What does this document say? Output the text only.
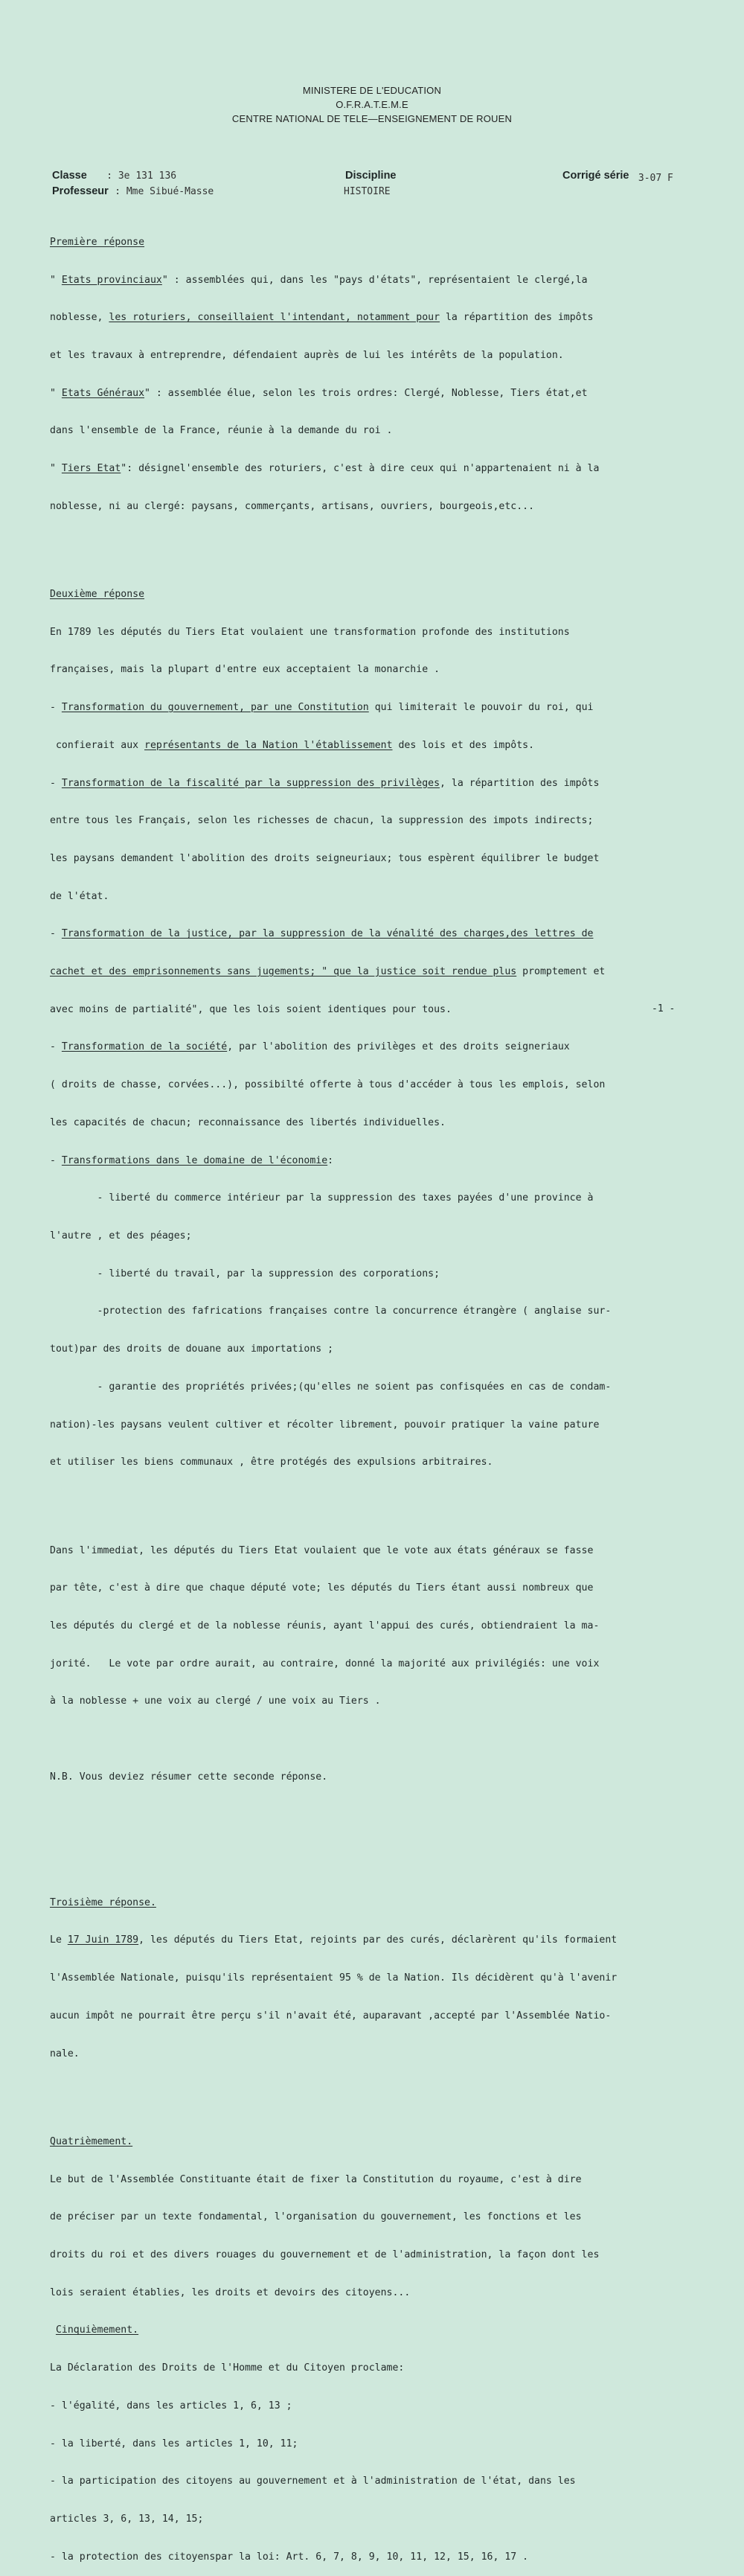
MINISTERE DE L'EDUCATION
O.F.R.A.T.E.M.E
CENTRE NATIONAL DE TELE—ENSEIGNEMENT DE ROUEN
Classe : 3e 131 136
Professeur : Mme Sibué-Masse
Discipline
HISTOIRE
Corrigé série 3-07 F

Première réponse

" Etats provinciaux" : assemblées qui, dans les "pays d'états", représentaient le clergé,la

noblesse, les roturiers, conseillaient l'intendant, notamment pour la répartition des impôts

et les travaux à entreprendre, défendaient auprès de lui les intérêts de la population.

" Etats Généraux" : assemblée élue, selon les trois ordres: Clergé, Noblesse, Tiers état,et

dans l'ensemble de la France, réunie à la demande du roi .

" Tiers Etat": désignel'ensemble des roturiers, c'est à dire ceux qui n'appartenaient ni à la

noblesse, ni au clergé: paysans, commerçants, artisans, ouvriers, bourgeois,etc...

Deuxième réponse

En 1789 les députés du Tiers Etat voulaient une transformation profonde des institutions

françaises, mais la plupart d'entre eux acceptaient la monarchie .

- Transformation du gouvernement, par une Constitution qui limiterait le pouvoir du roi, qui

confierait aux représentants de la Nation l'établissement des lois et des impôts.

- Transformation de la fiscalité par la suppression des privilèges, la répartition des impôts

entre tous les Français, selon les richesses de chacun, la suppression des impots indirects;

les paysans demandent l'abolition des droits seigneuriaux; tous espèrent équilibrer le budget

de l'état.

- Transformation de la justice, par la suppression de la vénalité des charges,des lettres de

cachet et des emprisonnements sans jugements; " que la justice soit rendue plus promptement et

avec moins de partialité", que les lois soient identiques pour tous.

- Transformation de la société, par l'abolition des privilèges et des droits seigneriaux

( droits de chasse, corvées...), possibilté offerte à tous d'accéder à tous les emplois, selon

les capacités de chacun; reconnaissance des libertés individuelles.

- Transformations dans le domaine de l'économie:

- liberté du commerce intérieur par la suppression des taxes payées d'une province à

l'autre , et des péages;

- liberté du travail, par la suppression des corporations;

-protection des fafrications françaises contre la concurrence étrangère ( anglaise sur-

tout)par des droits de douane aux importations ;

- garantie des propriétés privées;(qu'elles ne soient pas confisquées en cas de condam-

nation)-les paysans veulent cultiver et récolter librement, pouvoir pratiquer la vaine pature

et utiliser les biens communaux , être protégés des expulsions arbitraires.

Dans l'immediat, les députés du Tiers Etat voulaient que le vote aux états généraux se fasse

par tête, c'est à dire que chaque député vote; les députés du Tiers étant aussi nombreux que

les députés du clergé et de la noblesse réunis, ayant l'appui des curés, obtiendraient la ma-

jorité.   Le vote par ordre aurait, au contraire, donné la majorité aux privilégiés: une voix

à la noblesse + une voix au clergé / une voix au Tiers .

N.B. Vous deviez résumer cette seconde réponse.

Troisième réponse.

Le 17 Juin 1789, les députés du Tiers Etat, rejoints par des curés, déclarèrent qu'ils formaient

l'Assemblée Nationale, puisqu'ils représentaient 95 % de la Nation. Ils décidèrent qu'à l'avenir

aucun impôt ne pourrait être perçu s'il n'avait été, auparavant ,accepté par l'Assemblée Natio-

nale.

Quatrièmement.

Le but de l'Assemblée Constituante était de fixer la Constitution du royaume, c'est à dire

de préciser par un texte fondamental, l'organisation du gouvernement, les fonctions et les

droits du roi et des divers rouages du gouvernement et de l'administration, la façon dont les

lois seraient établies, les droits et devoirs des citoyens...

Cinquièmement.

La Déclaration des Droits de l'Homme et du Citoyen proclame:

- l'égalité, dans les articles 1, 6, 13 ;

- la liberté, dans les articles 1, 10, 11;

- la participation des citoyens au gouvernement et à l'administration de l'état, dans les

articles 3, 6, 13, 14, 15;

- la protection des citoyenspar la loi: Art. 6, 7, 8, 9, 10, 11, 12, 15, 16, 17 .

-1 -
